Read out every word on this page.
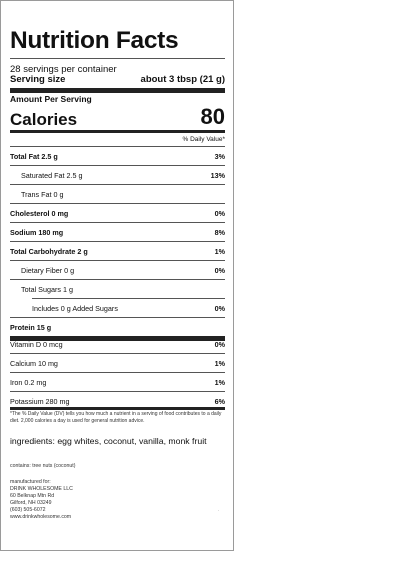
Nutrition Facts
28 servings per container
Serving size	about 3 tbsp (21 g)
Amount Per Serving
Calories	80
% Daily Value*
Total Fat 2.5 g	3%
Saturated Fat 2.5 g	13%
Trans Fat 0 g
Cholesterol 0 mg	0%
Sodium 180 mg	8%
Total Carbohydrate 2 g	1%
Dietary Fiber 0 g	0%
Total Sugars 1 g
Includes 0 g Added Sugars	0%
Protein 15 g
Vitamin D 0 mcg	0%
Calcium 10 mg	1%
Iron 0.2 mg	1%
Potassium 280 mg	6%
*The % Daily Value (DV) tells you how much a nutrient in a serving of food contributes to a daily diet. 2,000 calories a day is used for general nutrition advice.
ingredients: egg whites, coconut, vanilla, monk fruit
contains: tree nuts (coconut)
manufactured for:
DRINK WHOLESOME LLC
60 Belknap Mtn Rd
Gilford, NH 03249
(603) 505-6072
www.drinkwholesome.com
.
